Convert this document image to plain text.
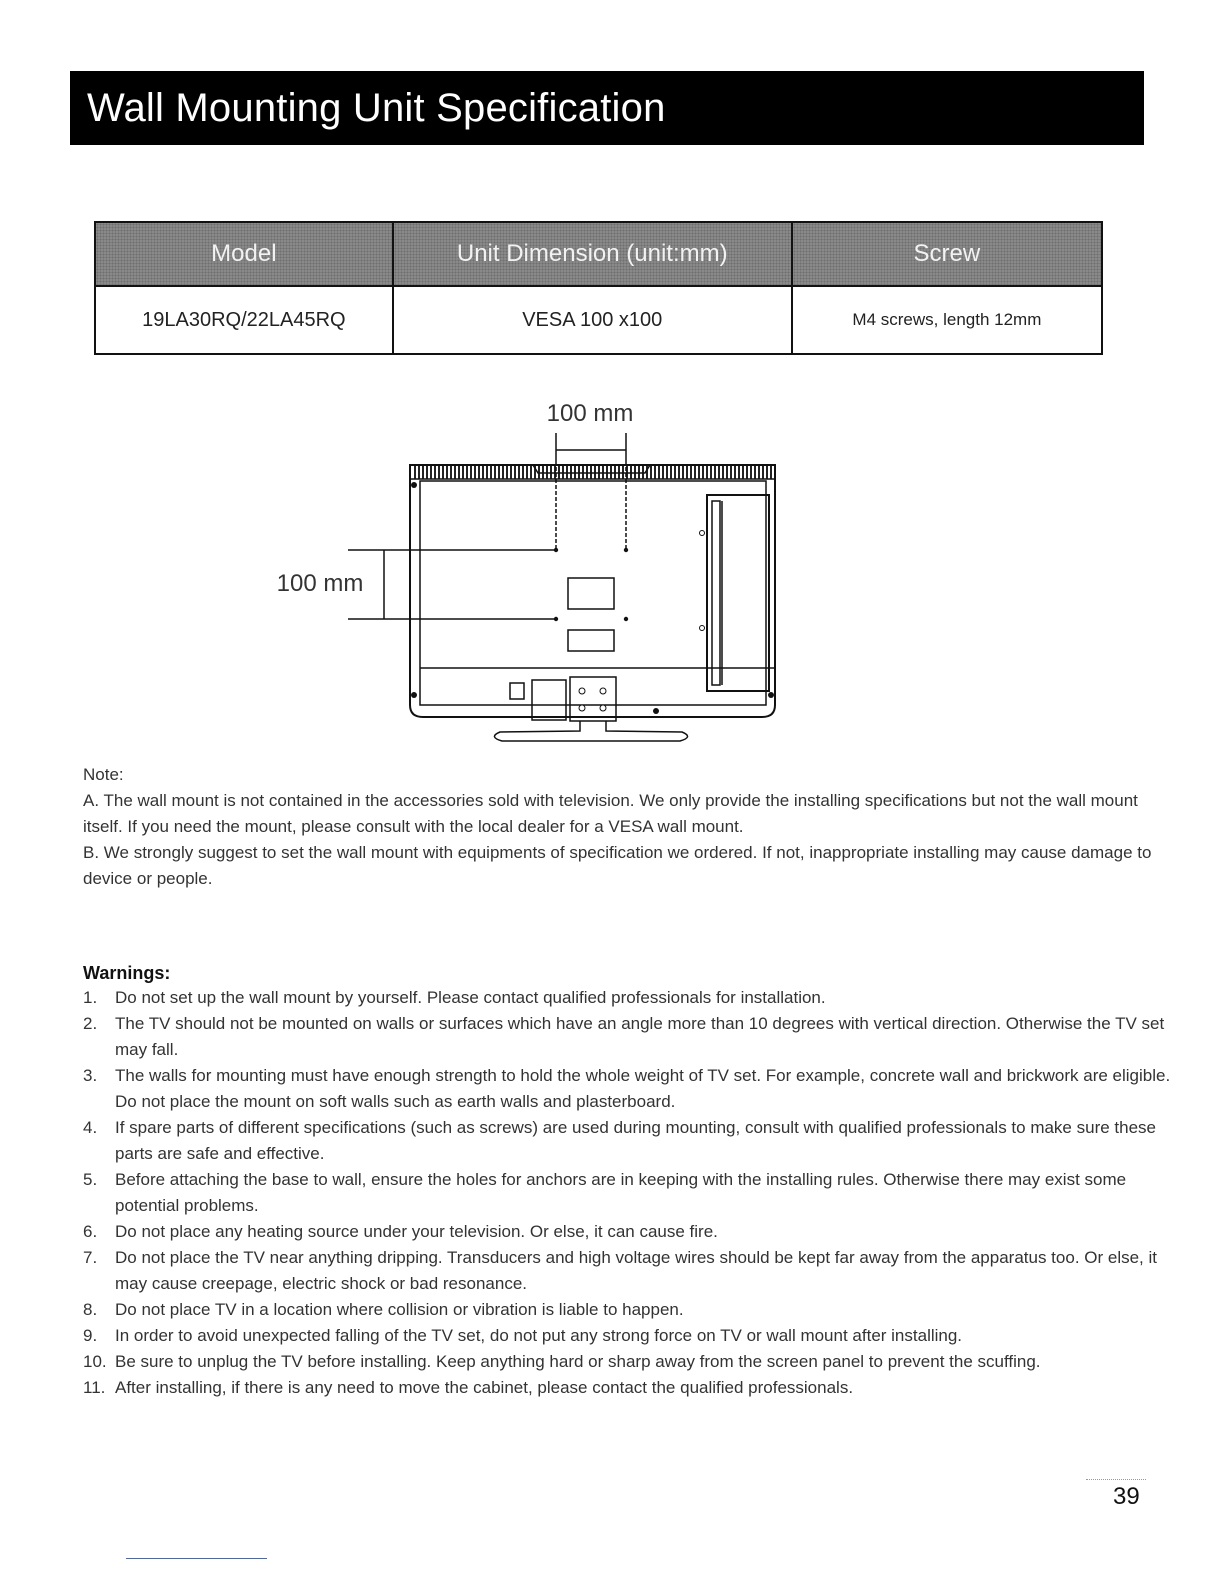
Wall Mounting Unit Specification
Model	Unit Dimension (unit:mm)	Screw
19LA30RQ/22LA45RQ	VESA 100 x100	M4 screws, length 12mm
100 mm
100 mm

Note:

A. The wall mount is not contained in the accessories sold with television. We only provide the installing specifications but not the wall mount itself. If you need the mount, please consult with the local dealer for a VESA wall mount.

B. We strongly suggest to set the wall mount with equipments of specification we ordered. If not, inappropriate installing may cause damage to device or people.

Warnings:
1. Do not set up the wall mount by yourself. Please contact qualified professionals for installation.
2. The TV should not be mounted on walls or surfaces which have an angle more than 10 degrees with vertical direction. Otherwise the TV set may fall.
3. The walls for mounting must have enough strength to hold the whole weight of TV set. For example, concrete wall and brickwork are eligible. Do not place the mount on soft walls such as earth walls and plasterboard.
4. If spare parts of different specifications (such as screws) are used during mounting, consult with qualified professionals to make sure these parts are safe and effective.
5. Before attaching the base to wall, ensure the holes for anchors are in keeping with the installing rules. Otherwise there may exist some potential problems.
6. Do not place any heating source under your television. Or else, it can cause fire.
7. Do not place the TV near anything dripping. Transducers and high voltage wires should be kept far away from the apparatus too. Or else, it may cause creepage, electric shock or bad resonance.
8. Do not place TV in a location where collision or vibration is liable to happen.
9. In order to avoid unexpected falling of the TV set, do not put any strong force on TV or wall mount after installing.
10. Be sure to unplug the TV before installing. Keep anything hard or sharp away from the screen panel to prevent the scuffing.
11. After installing, if there is any need to move the cabinet, please contact the qualified professionals.
39
